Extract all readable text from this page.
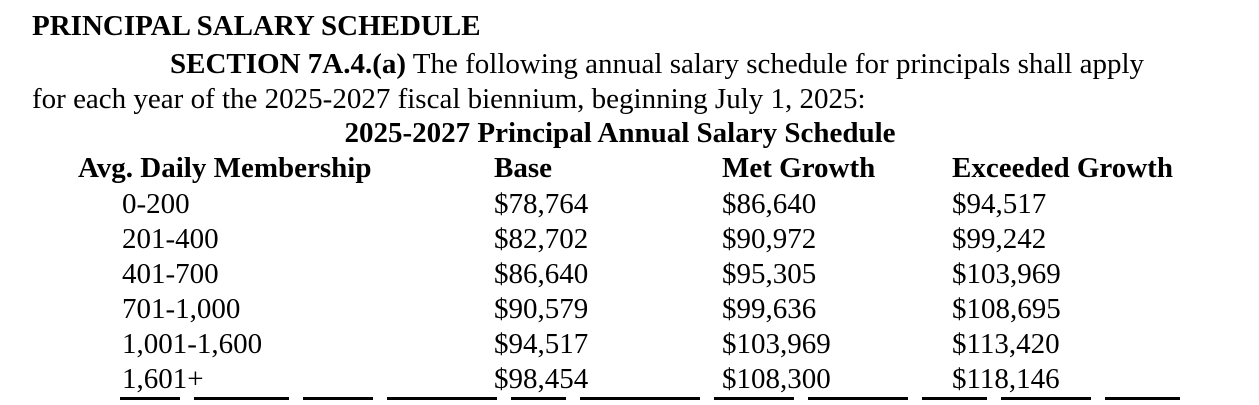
PRINCIPAL SALARY SCHEDULE
SECTION 7A.4.(a) The following annual salary schedule for principals shall apply
for each year of the 2025-2027 fiscal biennium, beginning July 1, 2025:
2025-2027 Principal Annual Salary Schedule
Avg. Daily Membership	Base	Met Growth	Exceeded Growth
0-200	$78,764	$86,640	$94,517
201-400	$82,702	$90,972	$99,242
401-700	$86,640	$95,305	$103,969
701-1,000	$90,579	$99,636	$108,695
1,001-1,600	$94,517	$103,969	$113,420
1,601+	$98,454	$108,300	$118,146
